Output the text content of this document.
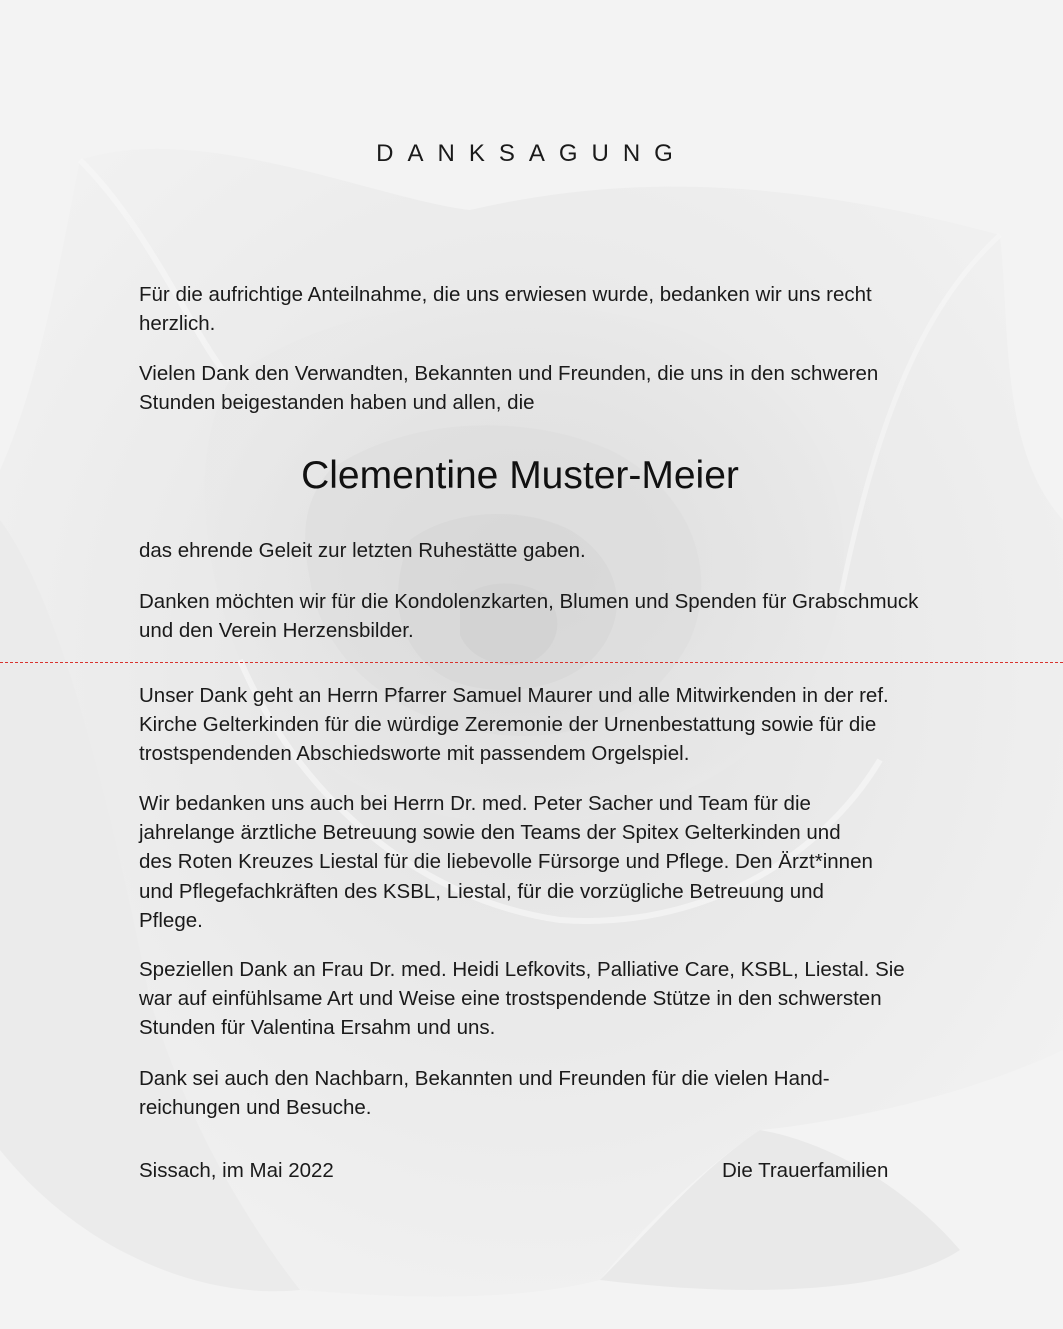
DANKSAGUNG

Für die aufrichtige Anteilnahme, die uns erwiesen wurde, bedanken wir uns recht herzlich.

Vielen Dank den Verwandten, Bekannten und Freunden, die uns in den schweren Stunden beigestanden haben und allen, die

Clementine Muster-Meier

das ehrende Geleit zur letzten Ruhestätte gaben.

Danken möchten wir für die Kondolenzkarten, Blumen und Spenden für Grabschmuck und den Verein Herzensbilder.

Unser Dank geht an Herrn Pfarrer Samuel Maurer und alle Mitwirkenden in der ref. Kirche Gelterkinden für die würdige Zeremonie der Urnenbestattung sowie für die trostspendenden Abschiedsworte mit passendem Orgelspiel.

Wir bedanken uns auch bei Herrn Dr. med. Peter Sacher und Team für die jahrelange ärztliche Betreuung sowie den Teams der Spitex Gelterkinden und des Roten Kreuzes Liestal für die liebevolle Fürsorge und Pflege. Den Ärzt*innen und Pflegefachkräften des KSBL, Liestal, für die vorzügliche Betreuung und Pflege.

Speziellen Dank an Frau Dr. med. Heidi Lefkovits, Palliative Care, KSBL, Liestal. Sie war auf einfühlsame Art und Weise eine trostspendende Stütze in den schwersten Stunden für Valentina Ersahm und uns.

Dank sei auch den Nachbarn, Bekannten und Freunden für die vielen Handreichungen und Besuche.

Sissach, im Mai 2022	Die Trauerfamilien
